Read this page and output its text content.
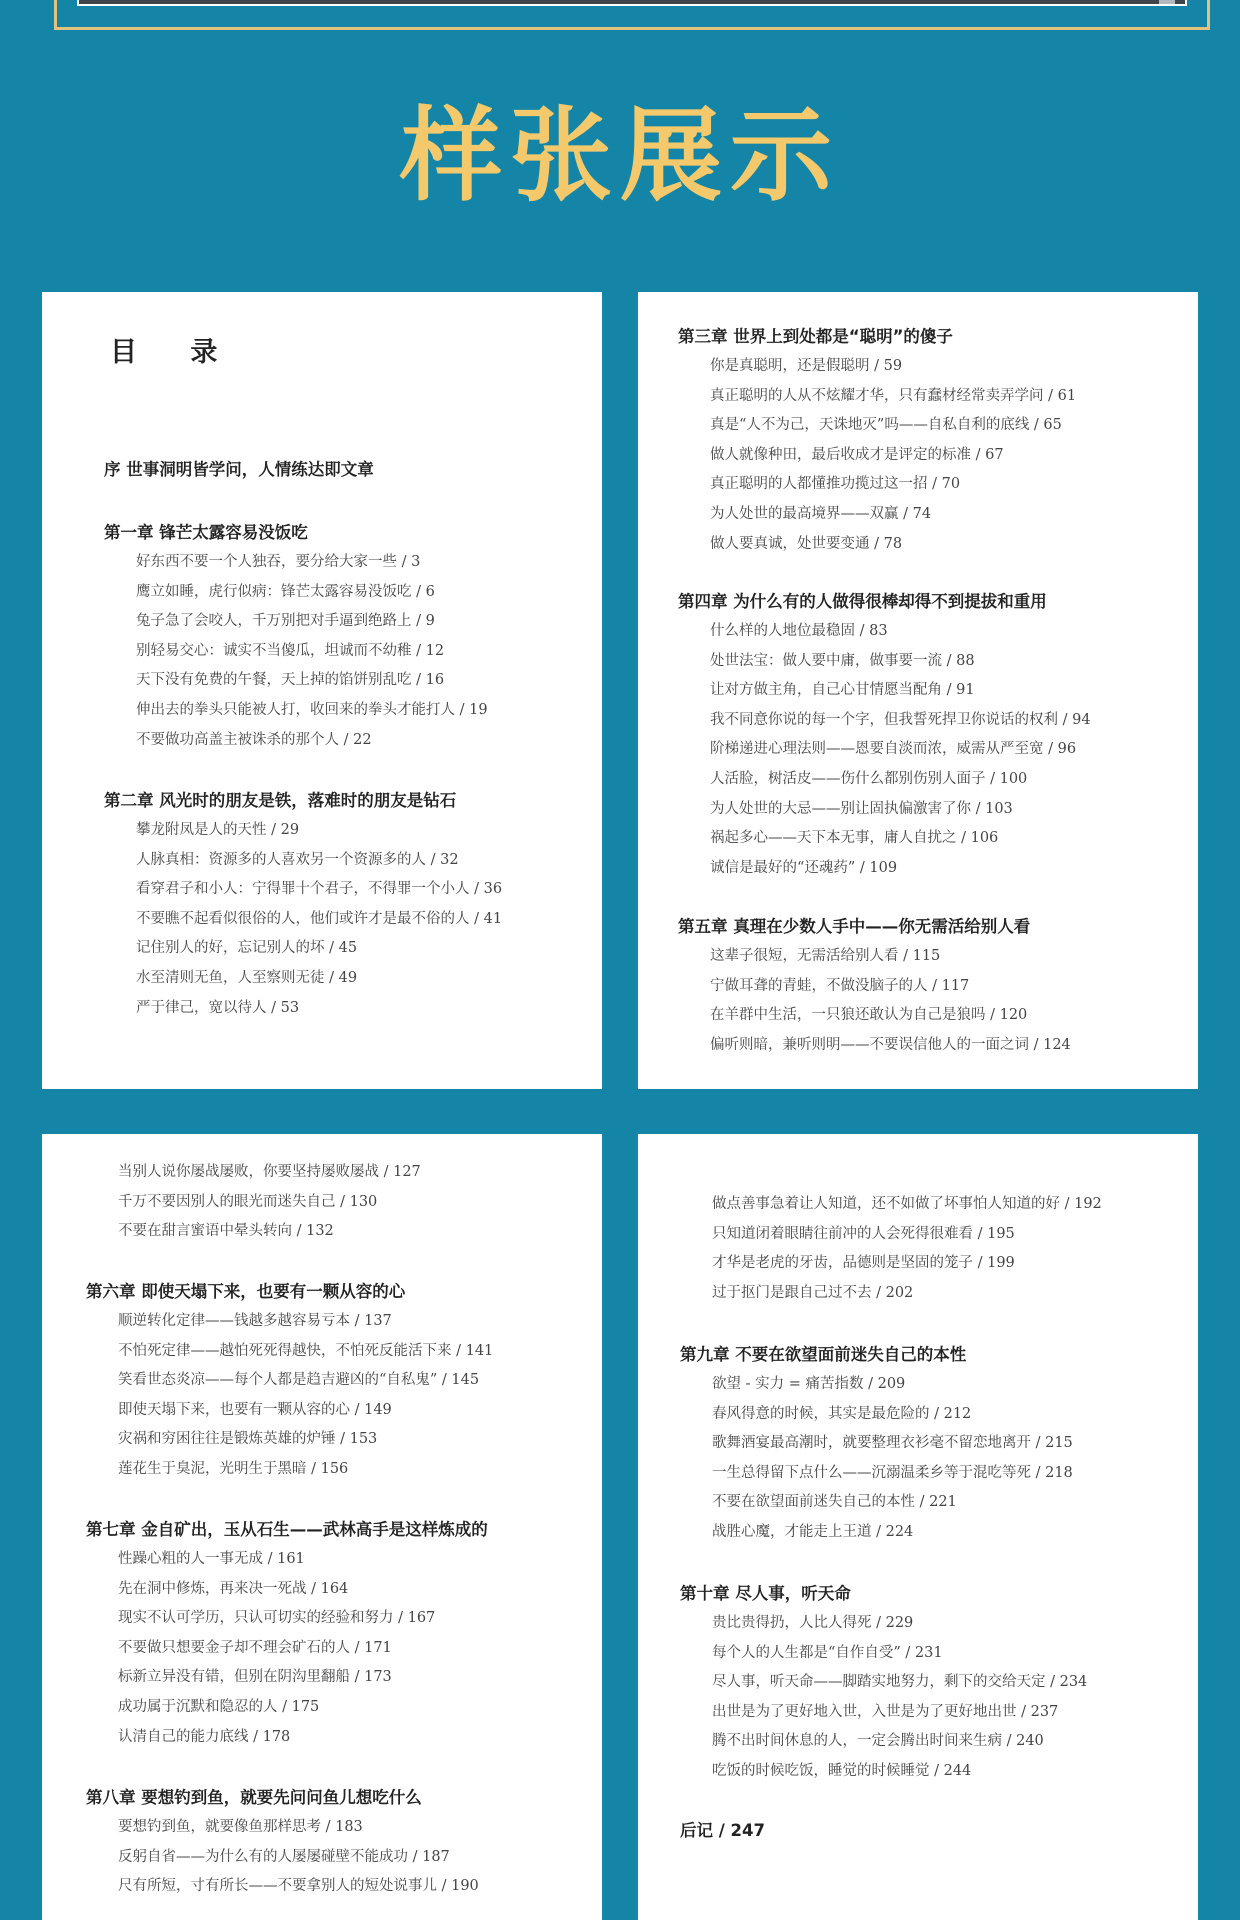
样张展示
目 录
序 世事洞明皆学问，人情练达即文章
第一章 锋芒太露容易没饭吃
好东西不要一个人独吞，要分给大家一些 / 3
鹰立如睡，虎行似病：锋芒太露容易没饭吃 / 6
兔子急了会咬人，千万别把对手逼到绝路上 / 9
别轻易交心：诚实不当傻瓜，坦诚而不幼稚 / 12
天下没有免费的午餐，天上掉的馅饼别乱吃 / 16
伸出去的拳头只能被人打，收回来的拳头才能打人 / 19
不要做功高盖主被诛杀的那个人 / 22
第二章 风光时的朋友是铁，落难时的朋友是钻石
攀龙附凤是人的天性 / 29
人脉真相：资源多的人喜欢另一个资源多的人 / 32
看穿君子和小人：宁得罪十个君子，不得罪一个小人 / 36
不要瞧不起看似很俗的人，他们或许才是最不俗的人 / 41
记住别人的好，忘记别人的坏 / 45
水至清则无鱼，人至察则无徒 / 49
严于律己，宽以待人 / 53
第三章 世界上到处都是“聪明”的傻子
你是真聪明，还是假聪明 / 59
真正聪明的人从不炫耀才华，只有蠢材经常卖弄学问 / 61
真是“人不为己，天诛地灭”吗——自私自利的底线 / 65
做人就像种田，最后收成才是评定的标准 / 67
真正聪明的人都懂推功揽过这一招 / 70
为人处世的最高境界——双赢 / 74
做人要真诚，处世要变通 / 78
第四章 为什么有的人做得很棒却得不到提拔和重用
什么样的人地位最稳固 / 83
处世法宝：做人要中庸，做事要一流 / 88
让对方做主角，自己心甘情愿当配角 / 91
我不同意你说的每一个字，但我誓死捍卫你说话的权利 / 94
阶梯递进心理法则——恩要自淡而浓，威需从严至宽 / 96
人活脸，树活皮——伤什么都别伤别人面子 / 100
为人处世的大忌——别让固执偏激害了你 / 103
祸起多心——天下本无事，庸人自扰之 / 106
诚信是最好的“还魂药” / 109
第五章 真理在少数人手中——你无需活给别人看
这辈子很短，无需活给别人看 / 115
宁做耳聋的青蛙，不做没脑子的人 / 117
在羊群中生活，一只狼还敢认为自己是狼吗 / 120
偏听则暗，兼听则明——不要误信他人的一面之词 / 124
当别人说你屡战屡败，你要坚持屡败屡战 / 127
千万不要因别人的眼光而迷失自己 / 130
不要在甜言蜜语中晕头转向 / 132
第六章 即使天塌下来，也要有一颗从容的心
顺逆转化定律——钱越多越容易亏本 / 137
不怕死定律——越怕死死得越快，不怕死反能活下来 / 141
笑看世态炎凉——每个人都是趋吉避凶的“自私鬼” / 145
即使天塌下来，也要有一颗从容的心 / 149
灾祸和穷困往往是锻炼英雄的炉锤 / 153
莲花生于臭泥，光明生于黑暗 / 156
第七章 金自矿出，玉从石生——武林高手是这样炼成的
性躁心粗的人一事无成 / 161
先在洞中修炼，再来决一死战 / 164
现实不认可学历，只认可切实的经验和努力 / 167
不要做只想要金子却不理会矿石的人 / 171
标新立异没有错，但别在阴沟里翻船 / 173
成功属于沉默和隐忍的人 / 175
认清自己的能力底线 / 178
第八章 要想钓到鱼，就要先问问鱼儿想吃什么
要想钓到鱼，就要像鱼那样思考 / 183
反躬自省——为什么有的人屡屡碰壁不能成功 / 187
尺有所短，寸有所长——不要拿别人的短处说事儿 / 190
做点善事急着让人知道，还不如做了坏事怕人知道的好 / 192
只知道闭着眼睛往前冲的人会死得很难看 / 195
才华是老虎的牙齿，品德则是坚固的笼子 / 199
过于抠门是跟自己过不去 / 202
第九章 不要在欲望面前迷失自己的本性
欲望 - 实力 = 痛苦指数 / 209
春风得意的时候，其实是最危险的 / 212
歌舞酒宴最高潮时，就要整理衣衫毫不留恋地离开 / 215
一生总得留下点什么——沉溺温柔乡等于混吃等死 / 218
不要在欲望面前迷失自己的本性 / 221
战胜心魔，才能走上王道 / 224
第十章 尽人事，听天命
贵比贵得扔，人比人得死 / 229
每个人的人生都是“自作自受” / 231
尽人事，听天命——脚踏实地努力，剩下的交给天定 / 234
出世是为了更好地入世，入世是为了更好地出世 / 237
腾不出时间休息的人，一定会腾出时间来生病 / 240
吃饭的时候吃饭，睡觉的时候睡觉 / 244
后记 / 247
